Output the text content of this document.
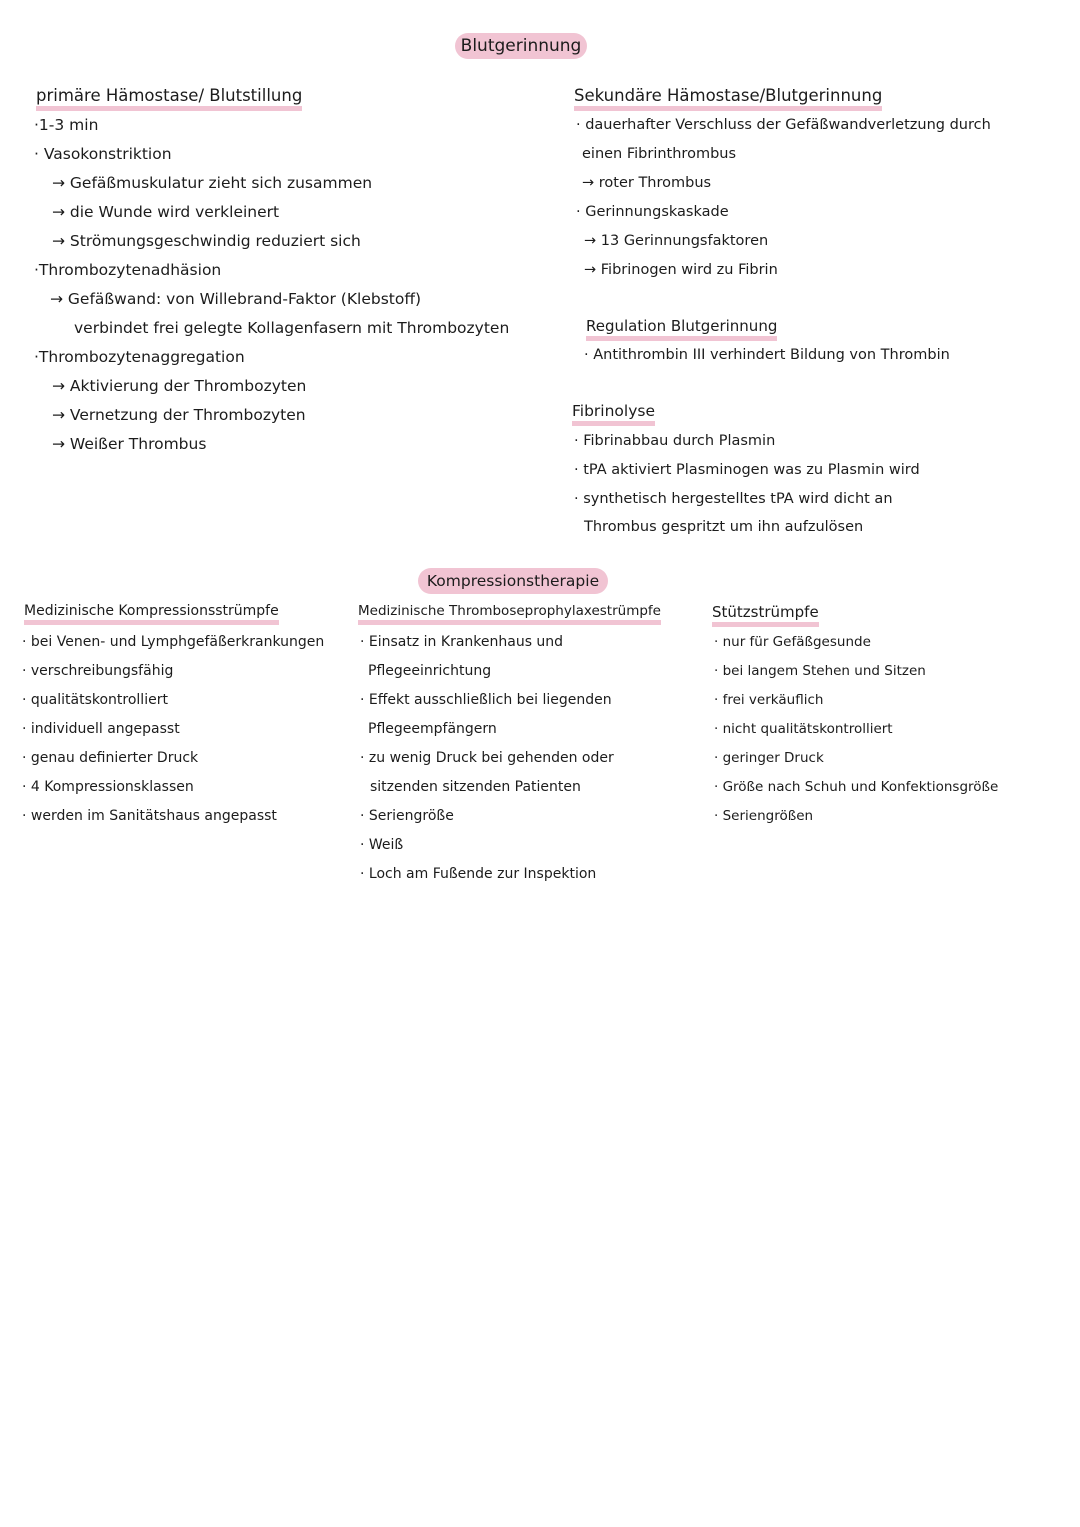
Blutgerinnung
primäre Hämostase/ Blutstillung
·1-3 min
· Vasokonstriktion
→ Gefäßmuskulatur zieht sich zusammen
→ die Wunde wird verkleinert
→ Strömungsgeschwindig reduziert sich
·Thrombozytenadhäsion
→ Gefäßwand: von Willebrand-Faktor (Klebstoff)
verbindet frei gelegte Kollagenfasern mit Thrombozyten
·Thrombozytenaggregation
→ Aktivierung der Thrombozyten
→ Vernetzung der Thrombozyten
→ Weißer Thrombus
Sekundäre Hämostase/Blutgerinnung
· dauerhafter Verschluss der Gefäßwandverletzung durch
einen Fibrinthrombus
→ roter Thrombus
· Gerinnungskaskade
→ 13 Gerinnungsfaktoren
→ Fibrinogen wird zu Fibrin
Regulation Blutgerinnung
· Antithrombin III verhindert Bildung von Thrombin
Fibrinolyse
· Fibrinabbau durch Plasmin
· tPA aktiviert Plasminogen was zu Plasmin wird
· synthetisch hergestelltes tPA wird dicht an
Thrombus gespritzt um ihn aufzulösen
Kompressionstherapie
Medizinische Kompressionsstrümpfe
· bei Venen- und Lymphgefäßerkrankungen
· verschreibungsfähig
· qualitätskontrolliert
· individuell angepasst
· genau definierter Druck
· 4 Kompressionsklassen
· werden im Sanitätshaus angepasst
Medizinische Thromboseprophylaxestrümpfe
· Einsatz in Krankenhaus und
Pflegeeinrichtung
· Effekt ausschließlich bei liegenden
Pflegeempfängern
· zu wenig Druck bei gehenden oder
sitzenden sitzenden Patienten
· Seriengröße
· Weiß
· Loch am Fußende zur Inspektion
Stützstrümpfe
· nur für Gefäßgesunde
· bei langem Stehen und Sitzen
· frei verkäuflich
· nicht qualitätskontrolliert
· geringer Druck
· Größe nach Schuh und Konfektionsgröße
· Seriengrößen
